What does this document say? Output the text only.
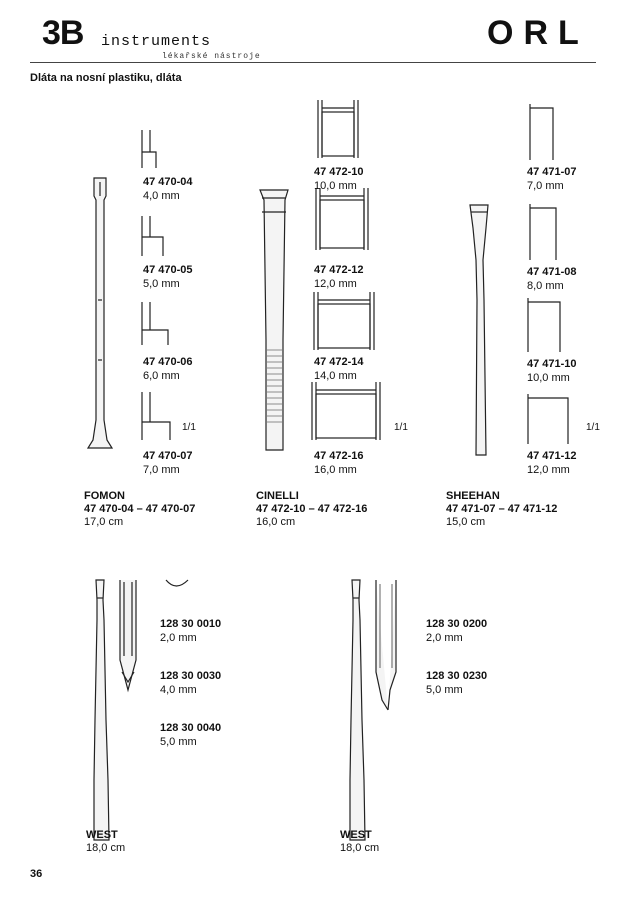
3B instruments
lékařské nástroje
ORL
Dláta na nosní plastiku, dláta
47 470-04
4,0 mm
47 470-05
5,0 mm
47 470-06
6,0 mm
47 470-07
7,0 mm
1/1
FOMON
47 470-04 – 47 470-07
17,0 cm
47 472-10
10,0 mm
47 472-12
12,0 mm
47 472-14
14,0 mm
47 472-16
16,0 mm
1/1
CINELLI
47 472-10 – 47 472-16
16,0 cm
47 471-07
7,0 mm
47 471-08
8,0 mm
47 471-10
10,0 mm
47 471-12
12,0 mm
1/1
SHEEHAN
47 471-07 – 47 471-12
15,0 cm
128 30 0010
2,0 mm
128 30 0030
4,0 mm
128 30 0040
5,0 mm
WEST
18,0 cm
128 30 0200
2,0 mm
128 30 0230
5,0 mm
WEST
18,0 cm
36
